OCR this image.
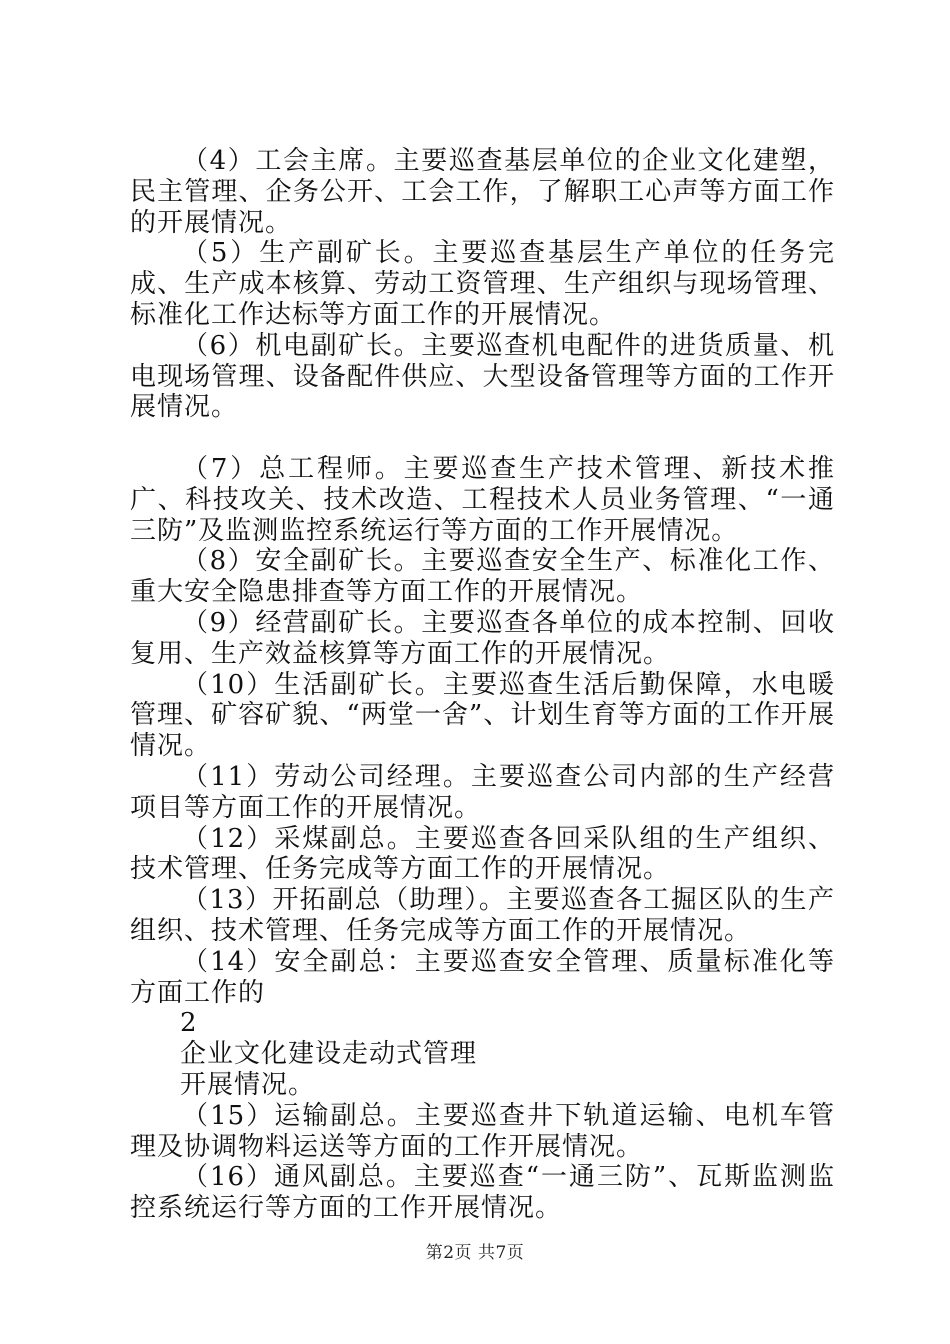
（4）工会主席。主要巡查基层单位的企业文化建塑，民主管理、企务公开、工会工作，了解职工心声等方面工作的开展情况。

（5）生产副矿长。主要巡查基层生产单位的任务完成、生产成本核算、劳动工资管理、生产组织与现场管理、标准化工作达标等方面工作的开展情况。

（6）机电副矿长。主要巡查机电配件的进货质量、机电现场管理、设备配件供应、大型设备管理等方面的工作开展情况。

（7）总工程师。主要巡查生产技术管理、新技术推广、科技攻关、技术改造、工程技术人员业务管理、“一通三防”及监测监控系统运行等方面的工作开展情况。

（8）安全副矿长。主要巡查安全生产、标准化工作、重大安全隐患排查等方面工作的开展情况。

（9）经营副矿长。主要巡查各单位的成本控制、回收复用、生产效益核算等方面工作的开展情况。

（10）生活副矿长。主要巡查生活后勤保障，水电暖管理、矿容矿貌、“两堂一舍”、计划生育等方面的工作开展情况。

（11）劳动公司经理。主要巡查公司内部的生产经营项目等方面工作的开展情况。

（12）采煤副总。主要巡查各回采队组的生产组织、技术管理、任务完成等方面工作的开展情况。

（13）开拓副总（助理）。主要巡查各工掘区队的生产组织、技术管理、任务完成等方面工作的开展情况。

（14）安全副总：主要巡查安全管理、质量标准化等方面工作的

2

企业文化建设走动式管理

开展情况。

（15）运输副总。主要巡查井下轨道运输、电机车管理及协调物料运送等方面的工作开展情况。

（16）通风副总。主要巡查“一通三防”、瓦斯监测监控系统运行等方面的工作开展情况。

第2页 共7页
